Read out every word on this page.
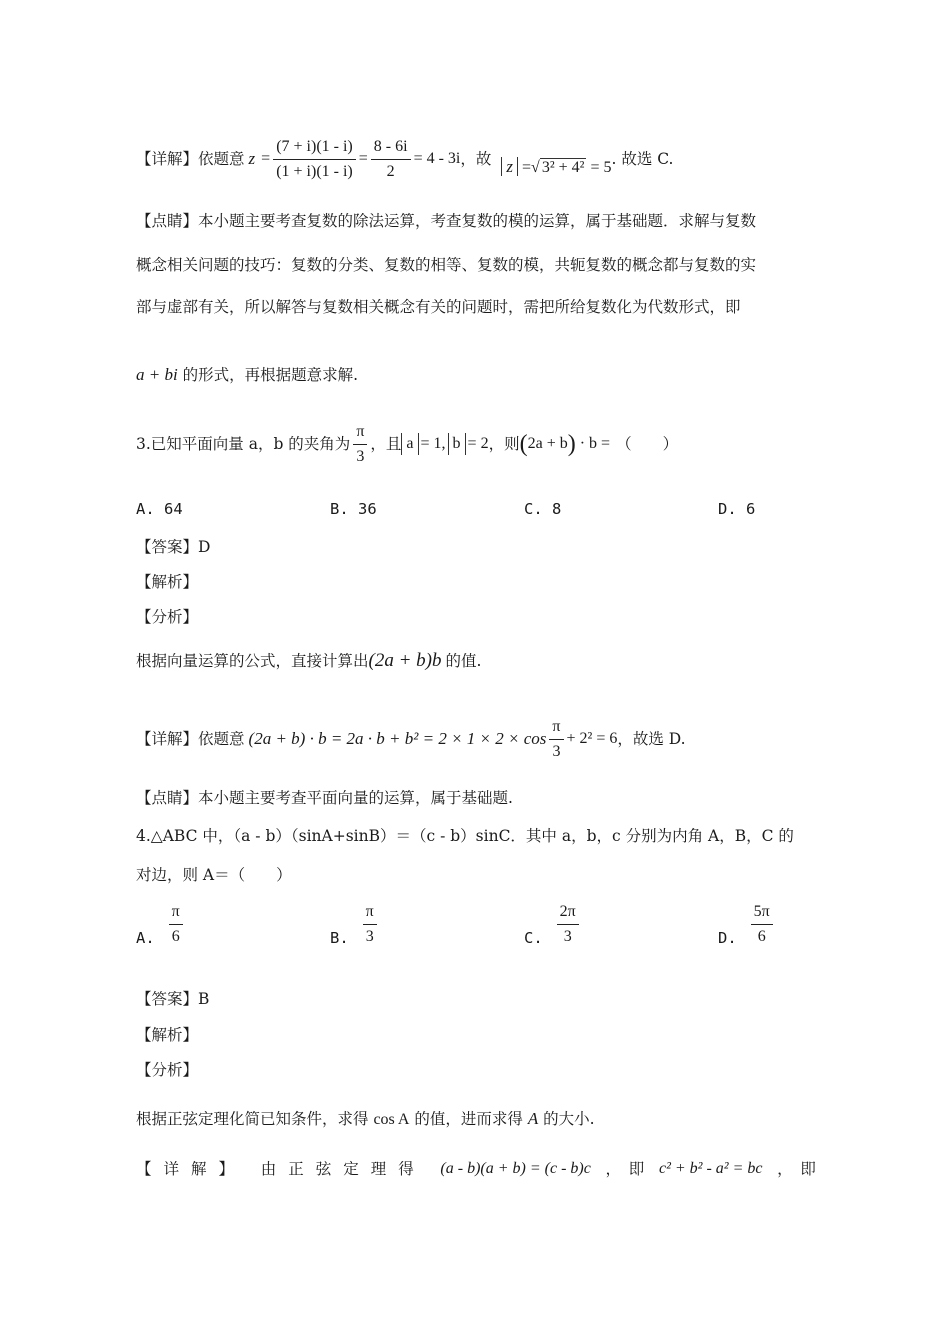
【详解】 依题意 $z = \frac{(7 + i)(1 - i)}{(1 + i)(1 - i)} = \frac{8 - 6i}{2} = 4 - 3i$ ，故 z =√ 3² + 4² = 5 . 故选 C.
【点睛】本小题主要考查复数的除法运算，考查复数的模的运算，属于基础题．求解与复数
概念相关问题的技巧：复数的分类、复数的相等、复数的模，共轭复数的概念都与复数的实
部与虚部有关，所以解答与复数相关概念有关的问题时，需把所给复数化为代数形式，即
a + bi 的形式，再根据题意求解.
3.已知平面向量 a，b 的夹角为 $\frac{\pi}{3}$ ，且 a = 1, b = 2 ，则 ( 2a + b ) · b = （　　）
A. 64	B. 36	C. 8	D. 6
【答案】D
【解析】
【分析】
根据向量运算的公式，直接计算出 (2a + b)b 的值.
【详解】 依题意 $(2a + b) \cdot b = 2a \cdot b + b^2 = 2 \times 1 \times 2 \times \cos \frac{\pi}{3} + 2^2 = 6$ ，故选 D.
【点睛】本小题主要考查平面向量的运算，属于基础题.
4.△ABC 中，（a - b）（sinA+sinB）＝（c - b）sinC．其中 a，b，c 分别为内角 A，B，C 的
对边，则 A＝（　　）
A. $\frac{\pi}{6}$	B. $\frac{\pi}{3}$	C. $\frac{2\pi}{3}$	D. $\frac{5\pi}{6}$
【答案】B
【解析】
【分析】
根据正弦定理化简已知条件，求得 cos A 的值，进而求得 A 的大小.
【详解】 由正弦定理得 (a - b)(a + b) = (c - b)c ，　即 c² + b² - a² = bc ，　即
